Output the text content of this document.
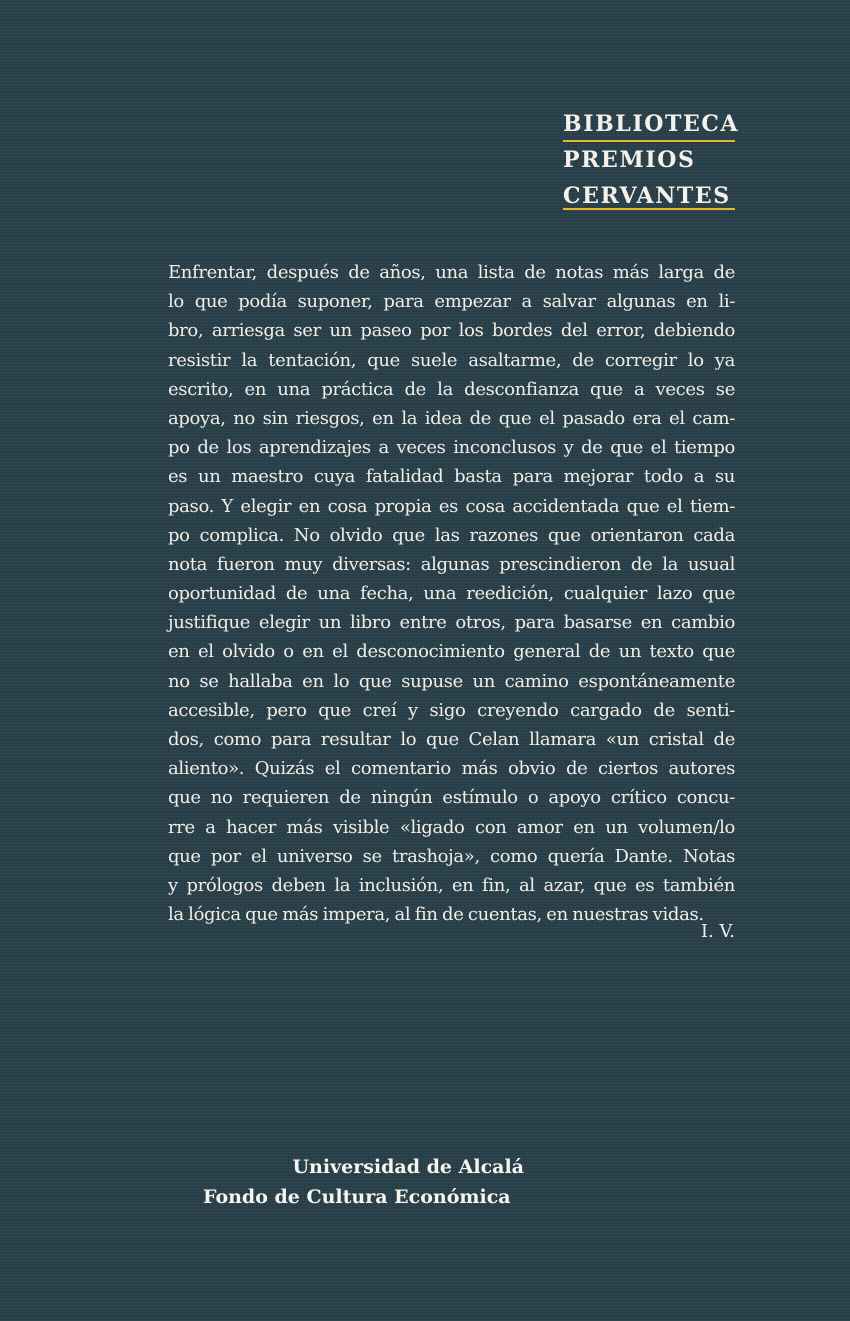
BIBLIOTECA
PREMIOS
CERVANTES
Enfrentar, después de años, una lista de notas más larga de
lo que podía suponer, para empezar a salvar algunas en li-
bro, arriesga ser un paseo por los bordes del error, debiendo
resistir la tentación, que suele asaltarme, de corregir lo ya
escrito, en una práctica de la desconfianza que a veces se
apoya, no sin riesgos, en la idea de que el pasado era el cam-
po de los aprendizajes a veces inconclusos y de que el tiempo
es un maestro cuya fatalidad basta para mejorar todo a su
paso. Y elegir en cosa propia es cosa accidentada que el tiem-
po complica. No olvido que las razones que orientaron cada
nota fueron muy diversas: algunas prescindieron de la usual
oportunidad de una fecha, una reedición, cualquier lazo que
justifique elegir un libro entre otros, para basarse en cambio
en el olvido o en el desconocimiento general de un texto que
no se hallaba en lo que supuse un camino espontáneamente
accesible, pero que creí y sigo creyendo cargado de senti-
dos, como para resultar lo que Celan llamara «un cristal de
aliento». Quizás el comentario más obvio de ciertos autores
que no requieren de ningún estímulo o apoyo crítico concu-
rre a hacer más visible «ligado con amor en un volumen/lo
que por el universo se trashoja», como quería Dante. Notas
y prólogos deben la inclusión, en fin, al azar, que es también
la lógica que más impera, al fin de cuentas, en nuestras vidas.
I. V.
Universidad de Alcalá
Fondo de Cultura Económica
